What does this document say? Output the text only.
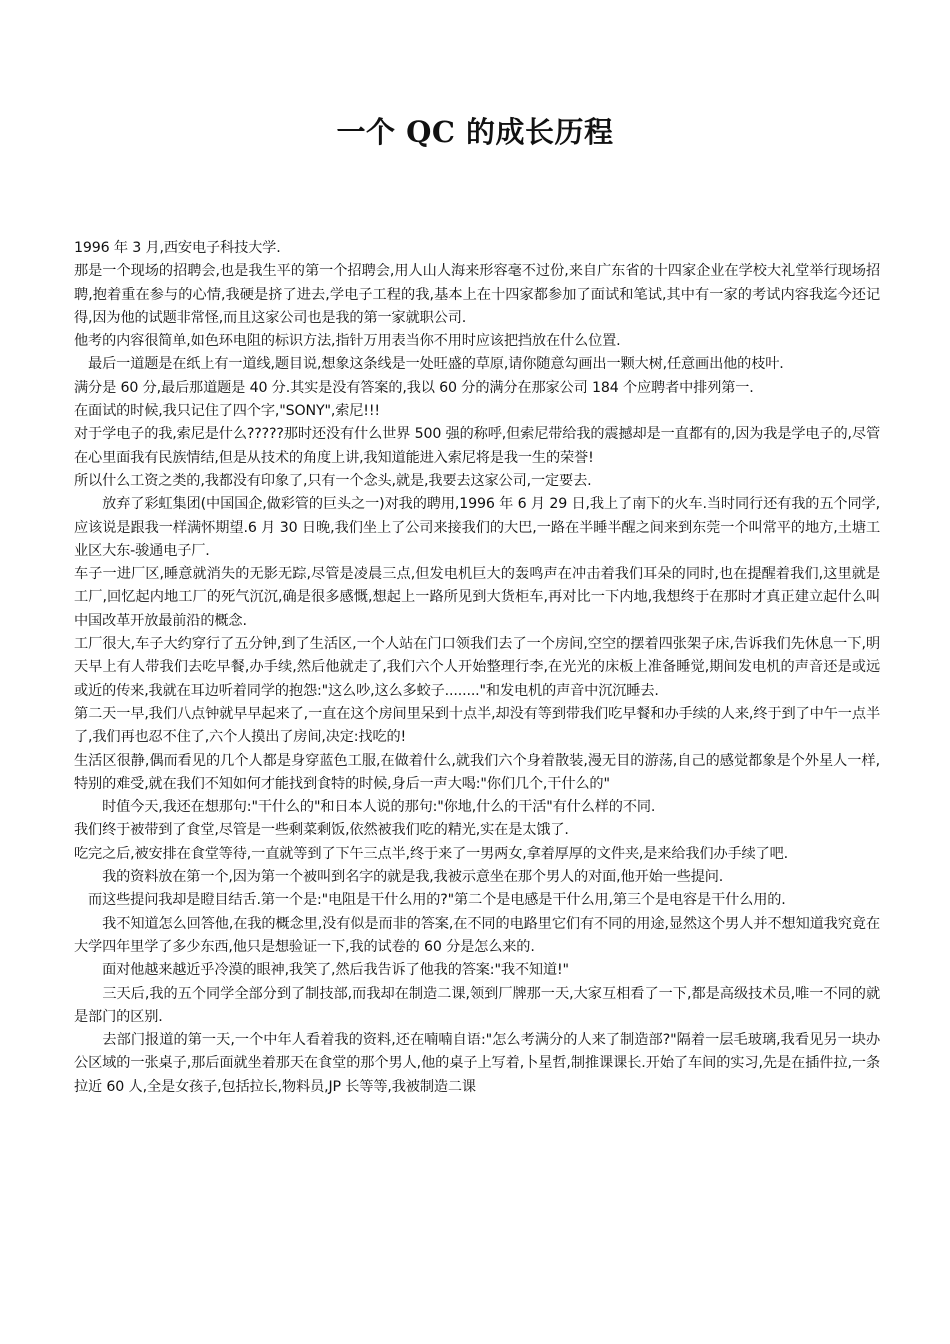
一个 QC 的成长历程

1996 年 3 月,西安电子科技大学.

那是一个现场的招聘会,也是我生平的第一个招聘会,用人山人海来形容毫不过份,来自广东省的十四家企业在学校大礼堂举行现场招聘,抱着重在参与的心情,我硬是挤了进去,学电子工程的我,基本上在十四家都参加了面试和笔试,其中有一家的考试内容我迄今还记得,因为他的试题非常怪,而且这家公司也是我的第一家就职公司.

他考的内容很简单,如色环电阻的标识方法,指针万用表当你不用时应该把挡放在什么位置.

　最后一道题是在纸上有一道线,题目说,想象这条线是一处旺盛的草原,请你随意勾画出一颗大树,任意画出他的枝叶.

满分是 60 分,最后那道题是 40 分.其实是没有答案的,我以 60 分的满分在那家公司 184 个应聘者中排列第一.

在面试的时候,我只记住了四个字,"SONY",索尼!!!

对于学电子的我,索尼是什么?????那时还没有什么世界 500 强的称呼,但索尼带给我的震撼却是一直都有的,因为我是学电子的,尽管在心里面我有民族情结,但是从技术的角度上讲,我知道能进入索尼将是我一生的荣誉!

所以什么工资之类的,我都没有印象了,只有一个念头,就是,我要去这家公司,一定要去.

　　放弃了彩虹集团(中国国企,做彩管的巨头之一)对我的聘用,1996 年 6 月 29 日,我上了南下的火车.当时同行还有我的五个同学,应该说是跟我一样满怀期望.6 月 30 日晚,我们坐上了公司来接我们的大巴,一路在半睡半醒之间来到东莞一个叫常平的地方,土塘工业区大东-骏通电子厂.

车子一进厂区,睡意就消失的无影无踪,尽管是凌晨三点,但发电机巨大的轰鸣声在冲击着我们耳朵的同时,也在提醒着我们,这里就是工厂,回忆起内地工厂的死气沉沉,确是很多感慨,想起上一路所见到大货柜车,再对比一下内地,我想终于在那时才真正建立起什么叫中国改革开放最前沿的概念.

工厂很大,车子大约穿行了五分钟,到了生活区,一个人站在门口领我们去了一个房间,空空的摆着四张架子床,告诉我们先休息一下,明天早上有人带我们去吃早餐,办手续,然后他就走了,我们六个人开始整理行李,在光光的床板上准备睡觉,期间发电机的声音还是或远或近的传来,我就在耳边听着同学的抱怨:"这么吵,这么多蛟子........"和发电机的声音中沉沉睡去.

第二天一早,我们八点钟就早早起来了,一直在这个房间里呆到十点半,却没有等到带我们吃早餐和办手续的人来,终于到了中午一点半了,我们再也忍不住了,六个人摸出了房间,决定:找吃的!

生活区很静,偶而看见的几个人都是身穿蓝色工服,在做着什么,就我们六个身着散装,漫无目的游荡,自己的感觉都象是个外星人一样,特别的难受,就在我们不知如何才能找到食特的时候,身后一声大喝:"你们几个,干什么的"

　　时值今天,我还在想那句:"干什么的"和日本人说的那句:"你地,什么的干活"有什么样的不同.

我们终于被带到了食堂,尽管是一些剩菜剩饭,依然被我们吃的精光,实在是太饿了.

吃完之后,被安排在食堂等待,一直就等到了下午三点半,终于来了一男两女,拿着厚厚的文件夹,是来给我们办手续了吧.

　　我的资料放在第一个,因为第一个被叫到名字的就是我,我被示意坐在那个男人的对面,他开始一些提问.

　而这些提问我却是瞪目结舌.第一个是:"电阻是干什么用的?"第二个是电感是干什么用,第三个是电容是干什么用的.

　　我不知道怎么回答他,在我的概念里,没有似是而非的答案,在不同的电路里它们有不同的用途,显然这个男人并不想知道我究竟在大学四年里学了多少东西,他只是想验证一下,我的试卷的 60 分是怎么来的.

　　面对他越来越近乎冷漠的眼神,我笑了,然后我告诉了他我的答案:"我不知道!"

　　三天后,我的五个同学全部分到了制技部,而我却在制造二课,领到厂牌那一天,大家互相看了一下,都是高级技术员,唯一不同的就是部门的区别.

　　去部门报道的第一天,一个中年人看着我的资料,还在喃喃自语:"怎么考满分的人来了制造部?"隔着一层毛玻璃,我看见另一块办公区域的一张桌子,那后面就坐着那天在食堂的那个男人,他的桌子上写着,卜星哲,制推课课长.开始了车间的实习,先是在插件拉,一条拉近 60 人,全是女孩子,包括拉长,物料员,JP 长等等,我被制造二课
